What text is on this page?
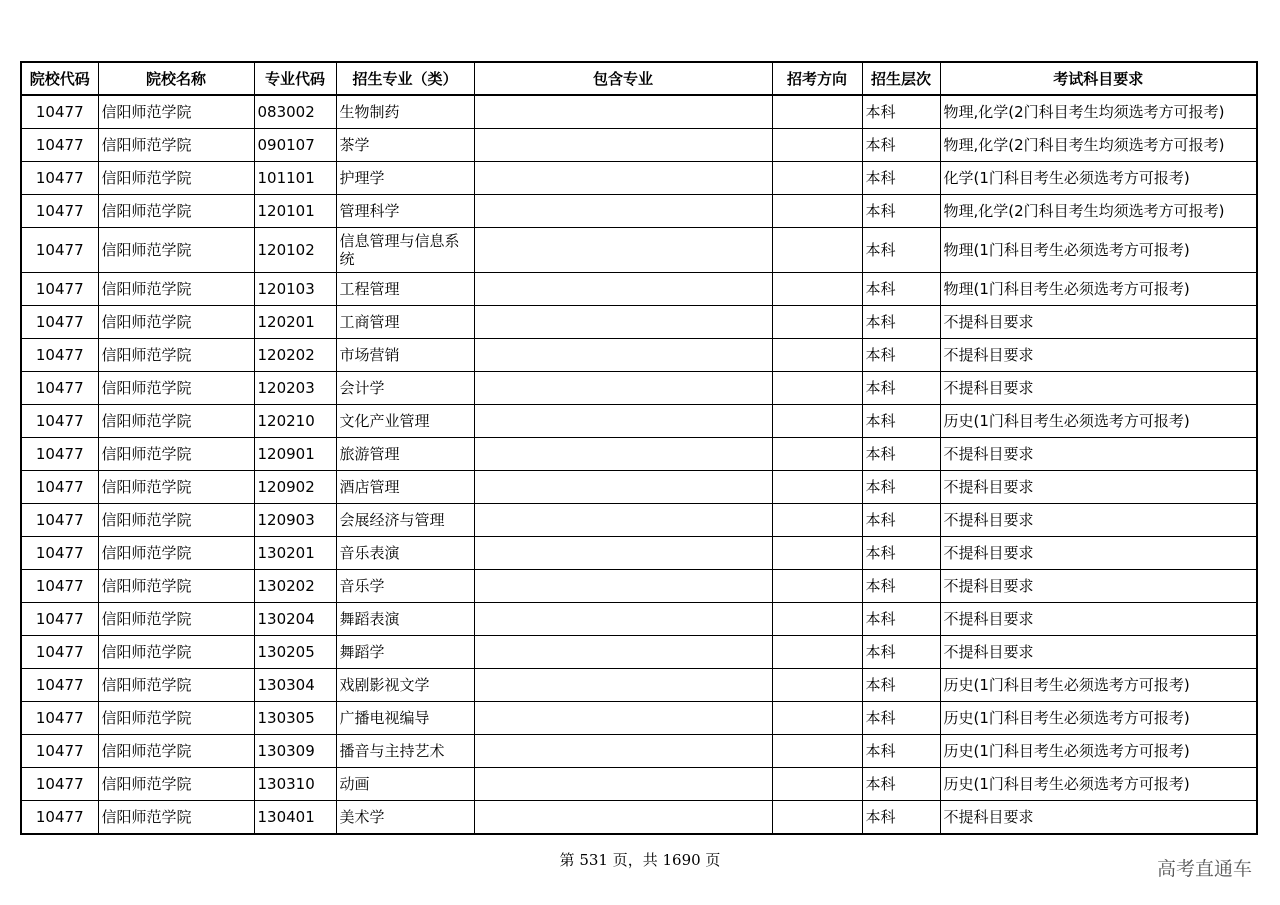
院校代码	院校名称	专业代码	招生专业（类）	包含专业	招考方向	招生层次	考试科目要求
10477	信阳师范学院	083002	生物制药			本科	物理,化学(2门科目考生均须选考方可报考)
10477	信阳师范学院	090107	茶学			本科	物理,化学(2门科目考生均须选考方可报考)
10477	信阳师范学院	101101	护理学			本科	化学(1门科目考生必须选考方可报考)
10477	信阳师范学院	120101	管理科学			本科	物理,化学(2门科目考生均须选考方可报考)
10477	信阳师范学院	120102	信息管理与信息系统			本科	物理(1门科目考生必须选考方可报考)
10477	信阳师范学院	120103	工程管理			本科	物理(1门科目考生必须选考方可报考)
10477	信阳师范学院	120201	工商管理			本科	不提科目要求
10477	信阳师范学院	120202	市场营销			本科	不提科目要求
10477	信阳师范学院	120203	会计学			本科	不提科目要求
10477	信阳师范学院	120210	文化产业管理			本科	历史(1门科目考生必须选考方可报考)
10477	信阳师范学院	120901	旅游管理			本科	不提科目要求
10477	信阳师范学院	120902	酒店管理			本科	不提科目要求
10477	信阳师范学院	120903	会展经济与管理			本科	不提科目要求
10477	信阳师范学院	130201	音乐表演			本科	不提科目要求
10477	信阳师范学院	130202	音乐学			本科	不提科目要求
10477	信阳师范学院	130204	舞蹈表演			本科	不提科目要求
10477	信阳师范学院	130205	舞蹈学			本科	不提科目要求
10477	信阳师范学院	130304	戏剧影视文学			本科	历史(1门科目考生必须选考方可报考)
10477	信阳师范学院	130305	广播电视编导			本科	历史(1门科目考生必须选考方可报考)
10477	信阳师范学院	130309	播音与主持艺术			本科	历史(1门科目考生必须选考方可报考)
10477	信阳师范学院	130310	动画			本科	历史(1门科目考生必须选考方可报考)
10477	信阳师范学院	130401	美术学			本科	不提科目要求
第 531 页，共 1690 页	高考直通车
